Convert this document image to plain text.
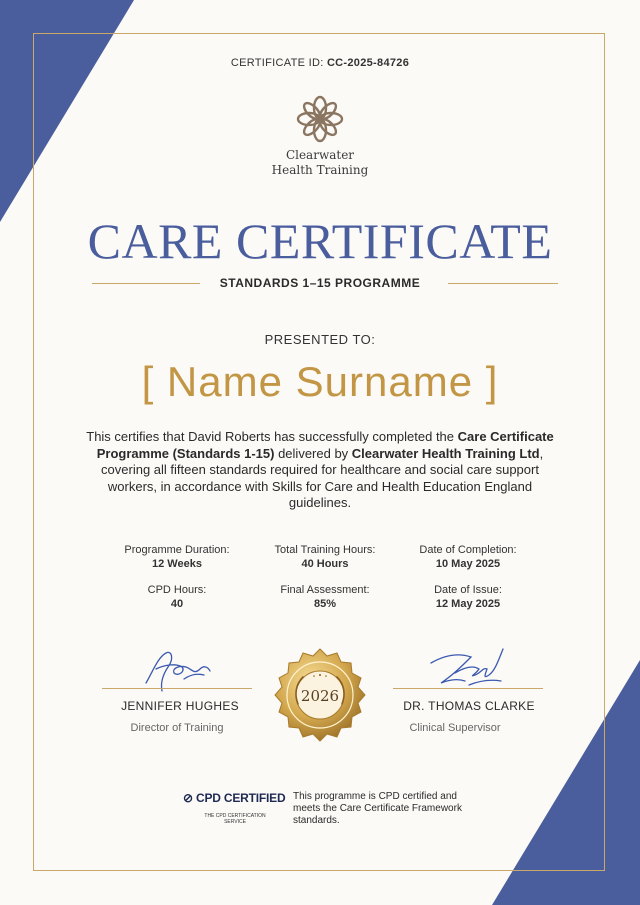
CERTIFICATE ID: CC-2025-84726
Clearwater
Health Training
CARE CERTIFICATE
STANDARDS 1–15 PROGRAMME
PRESENTED TO:
[ Name Surname ]
This certifies that David Roberts has successfully completed the Care Certificate Programme (Standards 1-15) delivered by Clearwater Health Training Ltd, covering all fifteen standards required for healthcare and social care support workers, in accordance with Skills for Care and Health Education England guidelines.
Programme Duration:
12 Weeks
Total Training Hours:
40 Hours
Date of Completion:
10 May 2025
CPD Hours:
40
Final Assessment:
85%
Date of Issue:
12 May 2025
JENNIFER HUGHES
Director of Training
DR. THOMAS CLARKE
Clinical Supervisor
2026
⊘ CPD CERTIFIED
THE CPD CERTIFICATION SERVICE
This programme is CPD certified and meets the Care Certificate Framework standards.
